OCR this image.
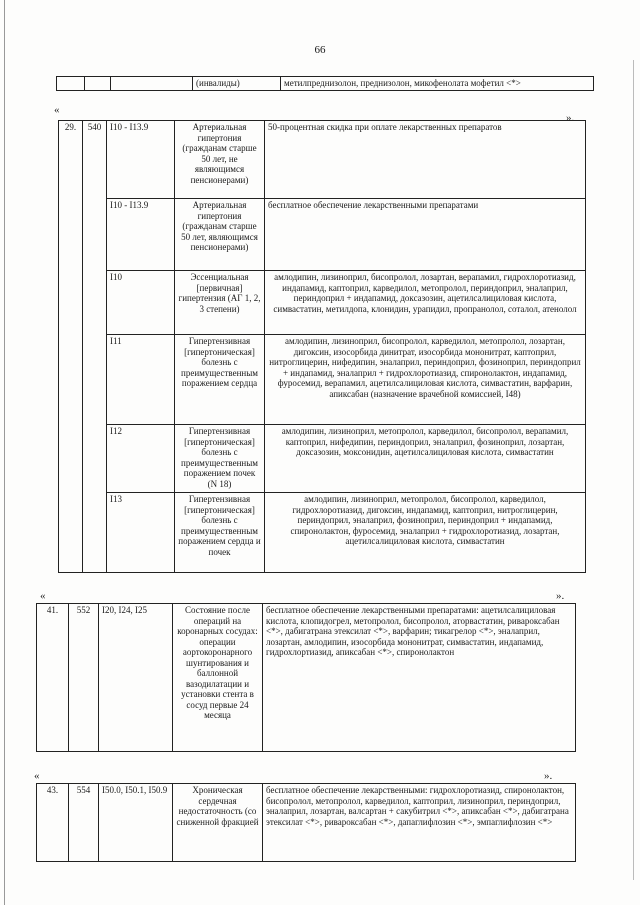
66
			(инвалиды)	метилпреднизолон, преднизолон, микофенолата мофетил <*>
«
».
29.	540	I10 - I13.9	Артериальная гипертония (гражданам старше 50 лет, не являющимся пенсионерами)	50-процентная скидка при оплате лекарственных препаратов
		I10 - I13.9	Артериальная гипертония (гражданам старше 50 лет, являющимся пенсионерами)	бесплатное обеспечение лекарственными препаратами
		I10	Эссенциальная [первичная] гипертензия (АГ 1, 2, 3 степени)	амлодипин, лизиноприл, бисопролол, лозартан, верапамил, гидрохлоротиазид, индапамид, каптоприл, карведилол, метопролол, периндоприл, эналаприл, периндоприл + индапамид, доксазозин, ацетилсалициловая кислота, симвастатин, метилдопа, клонидин, урапидил, пропранолол, соталол, атенолол
		I11	Гипертензивная [гипертоническая] болезнь с преимущественным поражением сердца	амлодипин, лизиноприл, бисопролол, карведилол, метопролол, лозартан, дигоксин, изосорбида динитрат, изосорбида мононитрат, каптоприл, нитроглицерин, нифедипин, эналаприл, периндоприл, фозиноприл, периндоприл + индапамид, эналаприл + гидрохлоротиазид, спиронолактон, индапамид, фуросемид, верапамил, ацетилсалициловая кислота, симвастатин, варфарин, апиксабан (назначение врачебной комиссией, I48)
		I12	Гипертензивная [гипертоническая] болезнь с преимущественным поражением почек (N 18)	амлодипин, лизиноприл, метопролол, карведилол, бисопролол, верапамил, каптоприл, нифедипин, периндоприл, эналаприл, фозиноприл, лозартан, доксазозин, моксонидин, ацетилсалициловая кислота, симвастатин
		I13	Гипертензивная [гипертоническая] болезнь с преимущественным поражением сердца и почек	амлодипин, лизиноприл, метопролол, бисопролол, карведилол, гидрохлоротиазид, дигоксин, индапамид, каптоприл, нитроглицерин, периндоприл, эналаприл, фозиноприл, периндоприл + индапамид, спиронолактон, фуросемид, эналаприл + гидрохлоротиазид, лозартан, ацетилсалициловая кислота, симвастатин
«	».
41.	552	I20, I24, I25	Состояние после операций на коронарных сосудах: операции аортокоронарного шунтирования и баллонной вазодилатации и установки стента в сосуд первые 24 месяца	бесплатное обеспечение лекарственными препаратами: ацетилсалициловая кислота, клопидогрел, метопролол, бисопролол, аторвастатин, ривароксабан <*>, дабигатрана этексилат <*>, варфарин; тикагрелор <*>, эналаприл, лозартан, амлодипин, изосорбида мононитрат, симвастатин, индапамид, гидрохлортиазид, апиксабан <*>, спиронолактон
«	».
43.	554	I50.0, I50.1, I50.9	Хроническая сердечная недостаточность (со сниженной фракцией	бесплатное обеспечение лекарственными: гидрохлоротиазид, спиронолактон, бисопролол, метопролол, карведилол, каптоприл, лизиноприл, периндоприл, эналаприл, лозартан, валсартан + сакубитрил <*>, апиксабан <*>, дабигатрана этексилат <*>, ривароксабан <*>, дапаглифлозин <*>, эмпаглифлозин <*>
